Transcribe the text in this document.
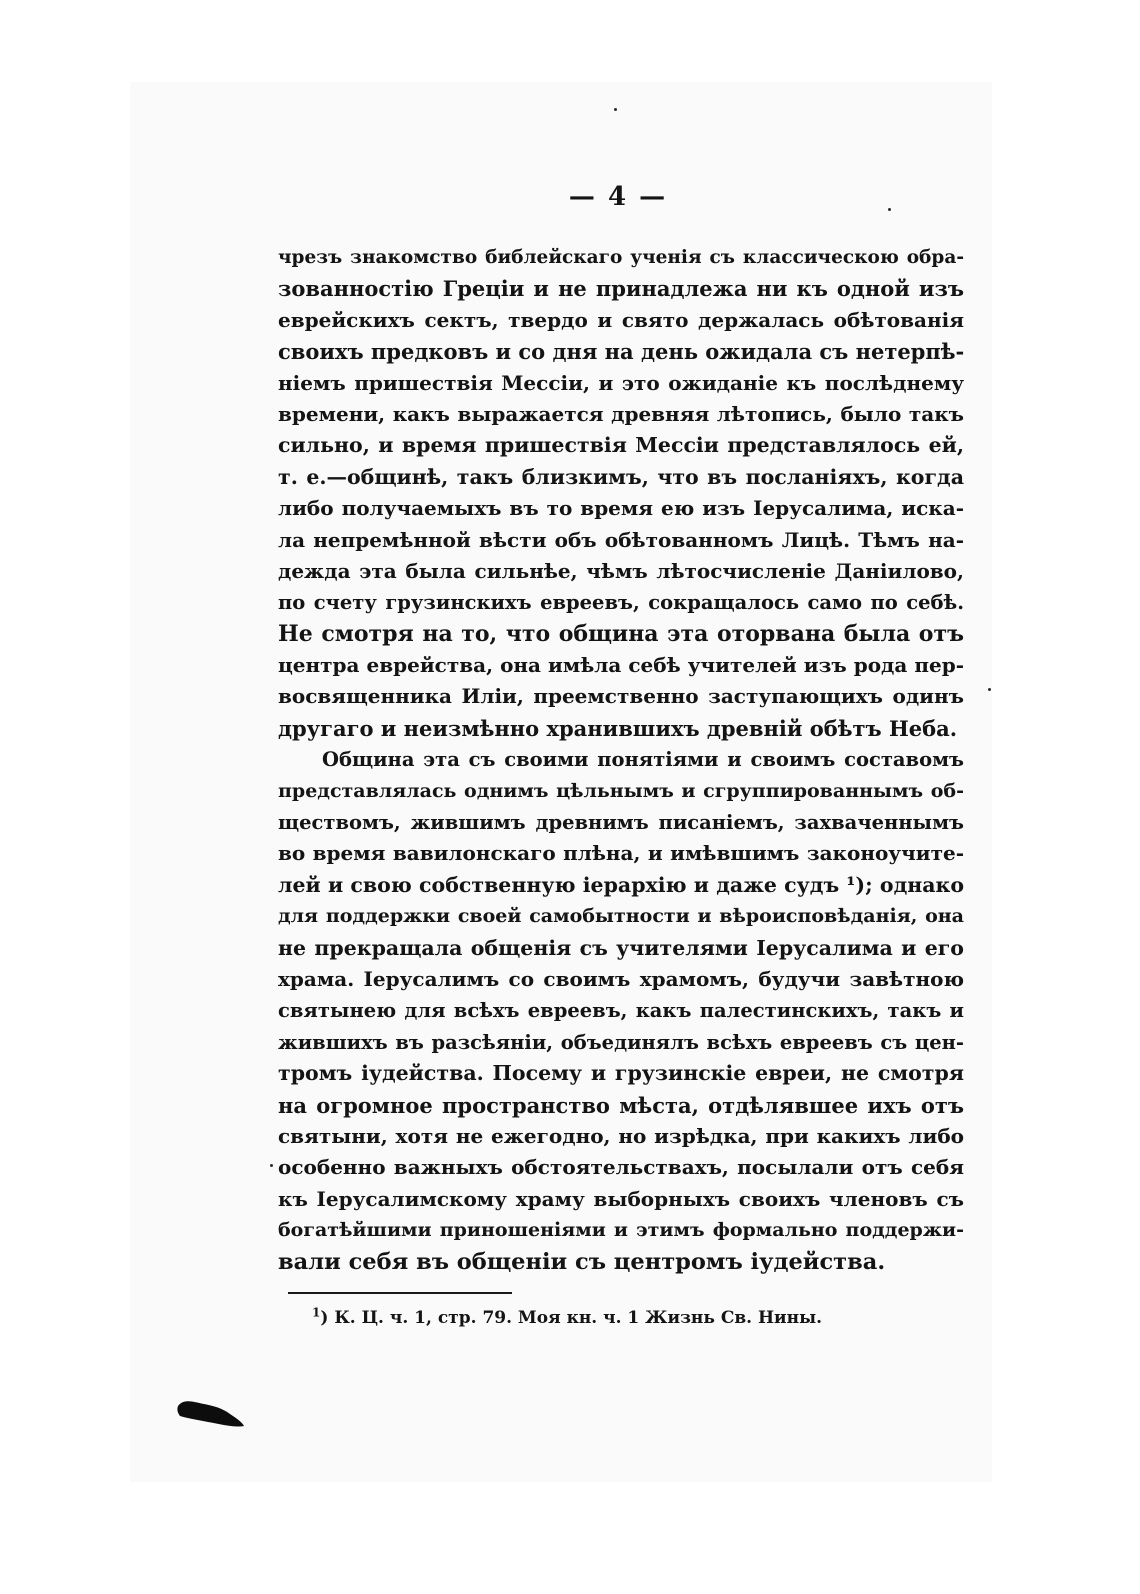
— 4 —
чрезъ знакомство библейскаго ученія съ классическою обра-
зованностію Греціи и не принадлежа ни къ одной изъ
еврейскихъ сектъ, твердо и свято держалась обѣтованія
своихъ предковъ и со дня на день ожидала съ нетерпѣ-
ніемъ пришествія Мессіи, и это ожиданіе къ послѣднему
времени, какъ выражается древняя лѣтопись, было такъ
сильно, и время пришествія Мессіи представлялось ей,
т. е.—общинѣ, такъ близкимъ, что въ посланіяхъ, когда
либо получаемыхъ въ то время ею изъ Іерусалима, иска-
ла непремѣнной вѣсти объ обѣтованномъ Лицѣ. Тѣмъ на-
дежда эта была сильнѣе, чѣмъ лѣтосчисленіе Даніилово,
по счету грузинскихъ евреевъ, сокращалось само по себѣ.
Не смотря на то, что община эта оторвана была отъ
центра еврейства, она имѣла себѣ учителей изъ рода пер-
восвященника Иліи, преемственно заступающихъ одинъ
другаго и неизмѣнно хранившихъ древній обѣтъ Неба.
Община эта съ своими понятіями и своимъ составомъ
представлялась однимъ цѣльнымъ и сгруппированнымъ об-
ществомъ, жившимъ древнимъ писаніемъ, захваченнымъ
во время вавилонскаго плѣна, и имѣвшимъ законоучите-
лей и свою собственную іерархію и даже судъ ¹); однако
для поддержки своей самобытности и вѣроисповѣданія, она
не прекращала общенія съ учителями Іерусалима и его
храма. Іерусалимъ со своимъ храмомъ, будучи завѣтною
святынею для всѣхъ евреевъ, какъ палестинскихъ, такъ и
жившихъ въ разсѣяніи, объединялъ всѣхъ евреевъ съ цен-
тромъ іудейства. Посему и грузинскіе евреи, не смотря
на огромное пространство мѣста, отдѣлявшее ихъ отъ
святыни, хотя не ежегодно, но изрѣдка, при какихъ либо
особенно важныхъ обстоятельствахъ, посылали отъ себя
къ Іерусалимскому храму выборныхъ своихъ членовъ съ
богатѣйшими приношеніями и этимъ формально поддержи-
вали себя въ общеніи съ центромъ іудейства.
$^1$) К. Ц. ч. 1, стр. 79. Моя кн. ч. 1 Жизнь Св. Нины.
